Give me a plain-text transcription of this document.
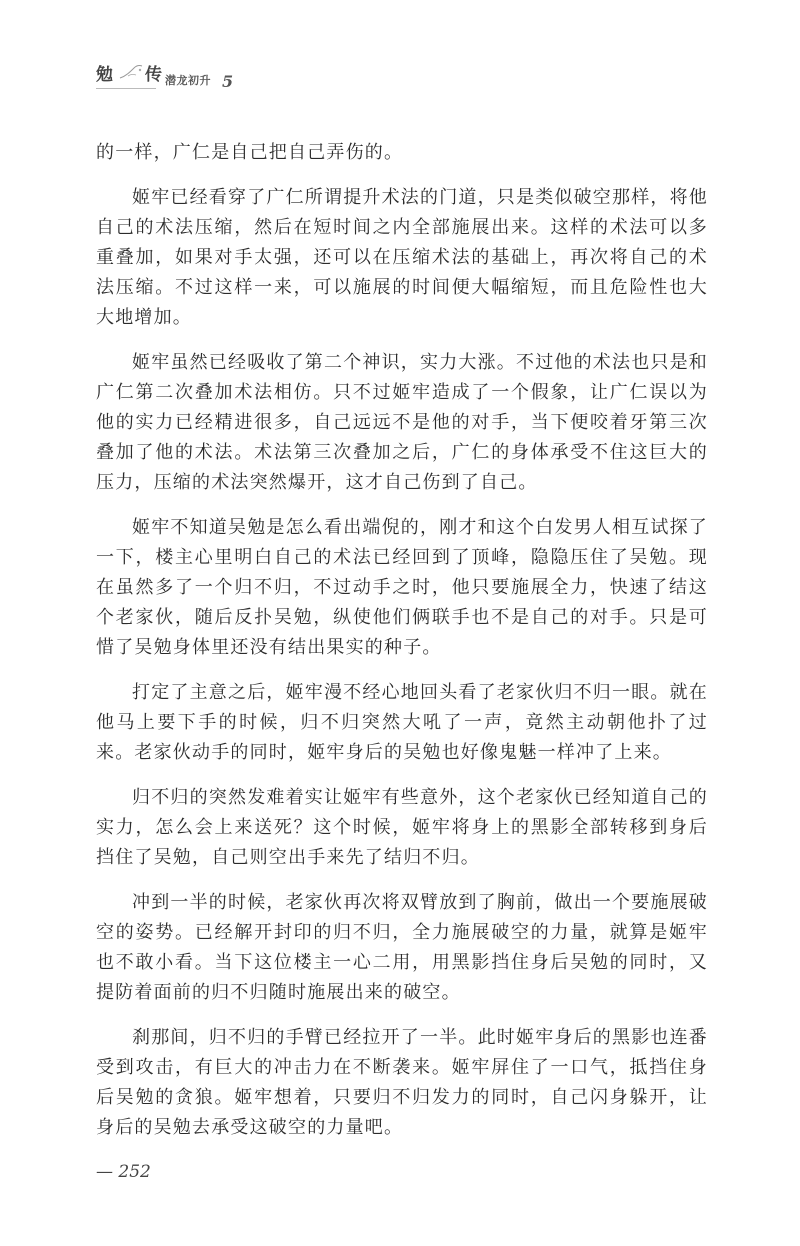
勉 传 潜龙初升 5

的一样，广仁是自己把自己弄伤的。

姬牢已经看穿了广仁所谓提升术法的门道，只是类似破空那样，将他自己的术法压缩，然后在短时间之内全部施展出来。这样的术法可以多重叠加，如果对手太强，还可以在压缩术法的基础上，再次将自己的术法压缩。不过这样一来，可以施展的时间便大幅缩短，而且危险性也大大地增加。

姬牢虽然已经吸收了第二个神识，实力大涨。不过他的术法也只是和广仁第二次叠加术法相仿。只不过姬牢造成了一个假象，让广仁误以为他的实力已经精进很多，自己远远不是他的对手，当下便咬着牙第三次叠加了他的术法。术法第三次叠加之后，广仁的身体承受不住这巨大的压力，压缩的术法突然爆开，这才自己伤到了自己。

姬牢不知道吴勉是怎么看出端倪的，刚才和这个白发男人相互试探了一下，楼主心里明白自己的术法已经回到了顶峰，隐隐压住了吴勉。现在虽然多了一个归不归，不过动手之时，他只要施展全力，快速了结这个老家伙，随后反扑吴勉，纵使他们俩联手也不是自己的对手。只是可惜了吴勉身体里还没有结出果实的种子。

打定了主意之后，姬牢漫不经心地回头看了老家伙归不归一眼。就在他马上要下手的时候，归不归突然大吼了一声，竟然主动朝他扑了过来。老家伙动手的同时，姬牢身后的吴勉也好像鬼魅一样冲了上来。

归不归的突然发难着实让姬牢有些意外，这个老家伙已经知道自己的实力，怎么会上来送死？这个时候，姬牢将身上的黑影全部转移到身后挡住了吴勉，自己则空出手来先了结归不归。

冲到一半的时候，老家伙再次将双臂放到了胸前，做出一个要施展破空的姿势。已经解开封印的归不归，全力施展破空的力量，就算是姬牢也不敢小看。当下这位楼主一心二用，用黑影挡住身后吴勉的同时，又提防着面前的归不归随时施展出来的破空。

刹那间，归不归的手臂已经拉开了一半。此时姬牢身后的黑影也连番受到攻击，有巨大的冲击力在不断袭来。姬牢屏住了一口气，抵挡住身后吴勉的贪狼。姬牢想着，只要归不归发力的同时，自己闪身躲开，让身后的吴勉去承受这破空的力量吧。

— 252
